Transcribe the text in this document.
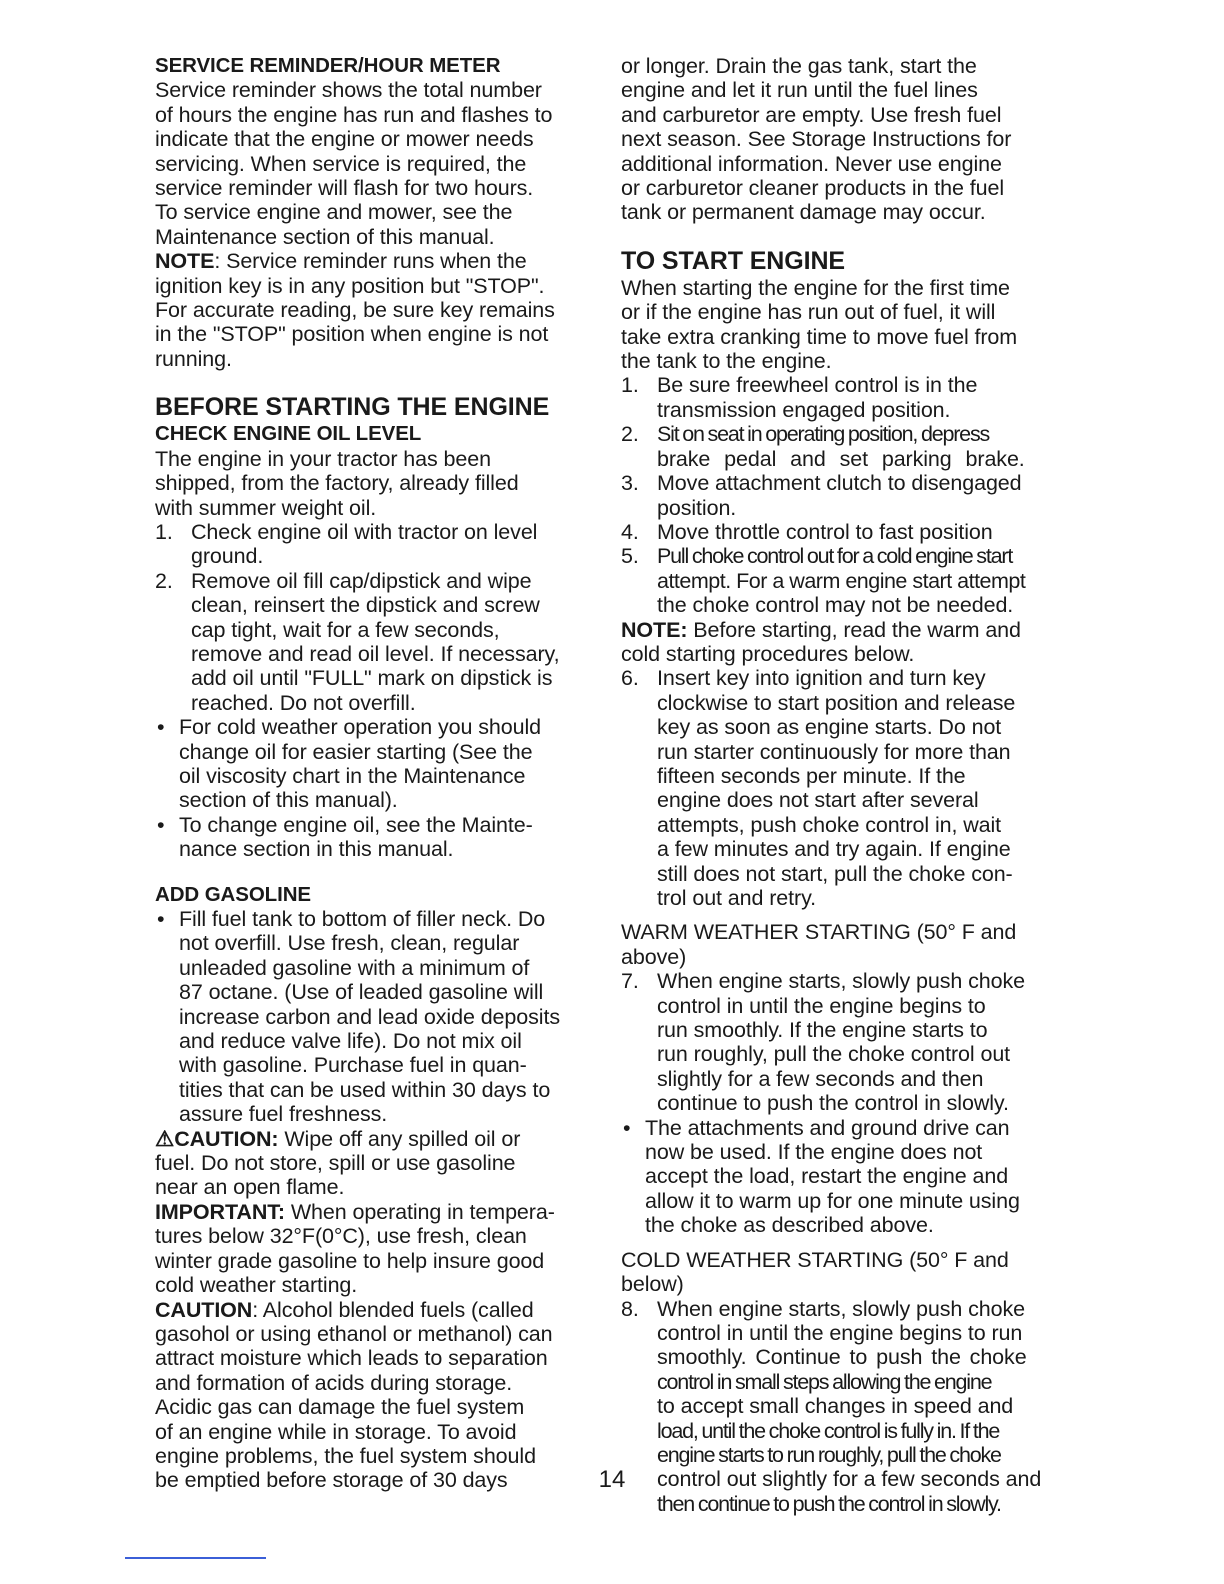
SERVICE REMINDER/HOUR METER

Service reminder shows the total number
of hours the engine has run and flashes to
indicate that the engine or mower needs
servicing. When service is required, the
service reminder will flash for two hours.
To service engine and mower, see the
Maintenance section of this manual.
NOTE: Service reminder runs when the
ignition key is in any position but "STOP".
For accurate reading, be sure key remains
in the "STOP" position when engine is not
running.

BEFORE STARTING THE ENGINE

CHECK ENGINE OIL LEVEL

The engine in your tractor has been
shipped, from the factory, already filled
with summer weight oil.
1. Check engine oil with tractor on level
ground.
2. Remove oil fill cap/dipstick and wipe
clean, reinsert the dipstick and screw
cap tight, wait for a few seconds,
remove and read oil level. If necessary,
add oil until "FULL" mark on dipstick is
reached. Do not overfill.
• For cold weather operation you should
change oil for easier starting (See the
oil viscosity chart in the Maintenance
section of this manual).
• To change engine oil, see the Mainte-
nance section in this manual.

ADD GASOLINE

• Fill fuel tank to bottom of filler neck. Do
not overfill. Use fresh, clean, regular
unleaded gasoline with a minimum of
87 octane. (Use of leaded gasoline will
increase carbon and lead oxide deposits
and reduce valve life). Do not mix oil
with gasoline. Purchase fuel in quan-
tities that can be used within 30 days to
assure fuel freshness.
⚠CAUTION: Wipe off any spilled oil or
fuel. Do not store, spill or use gasoline
near an open flame.
IMPORTANT: When operating in tempera-
tures below 32°F(0°C), use fresh, clean
winter grade gasoline to help insure good
cold weather starting.
CAUTION: Alcohol blended fuels (called
gasohol or using ethanol or methanol) can
attract moisture which leads to separation
and formation of acids during storage.
Acidic gas can damage the fuel system
of an engine while in storage. To avoid
engine problems, the fuel system should
be emptied before storage of 30 days
or longer. Drain the gas tank, start the
engine and let it run until the fuel lines
and carburetor are empty. Use fresh fuel
next season. See Storage Instructions for
additional information. Never use engine
or carburetor cleaner products in the fuel
tank or permanent damage may occur.

TO START ENGINE

When starting the engine for the first time
or if the engine has run out of fuel, it will
take extra cranking time to move fuel from
the tank to the engine.
1. Be sure freewheel control is in the
transmission engaged position.
2. Sit on seat in operating position, depress
brake pedal and set parking brake.
3. Move attachment clutch to disengaged
position.
4. Move throttle control to fast position
5. Pull choke control out for a cold engine start
attempt. For a warm engine start attempt
the choke control may not be needed.
NOTE: Before starting, read the warm and
cold starting procedures below.
6. Insert key into ignition and turn key
clockwise to start position and release
key as soon as engine starts. Do not
run starter continuously for more than
fifteen seconds per minute. If the
engine does not start after several
attempts, push choke control in, wait
a few minutes and try again. If engine
still does not start, pull the choke con-
trol out and retry.
WARM WEATHER STARTING (50° F and
above)
7. When engine starts, slowly push choke
control in until the engine begins to
run smoothly. If the engine starts to
run roughly, pull the choke control out
slightly for a few seconds and then
continue to push the control in slowly.
• The attachments and ground drive can
now be used. If the engine does not
accept the load, restart the engine and
allow it to warm up for one minute using
the choke as described above.
COLD WEATHER STARTING (50° F and
below)
8. When engine starts, slowly push choke
control in until the engine begins to run
smoothly. Continue to push the choke
control in small steps allowing the engine
to accept small changes in speed and
load, until the choke control is fully in. If the
engine starts to run roughly, pull the choke
control out slightly for a few seconds and
then continue to push the control in slowly.
14
